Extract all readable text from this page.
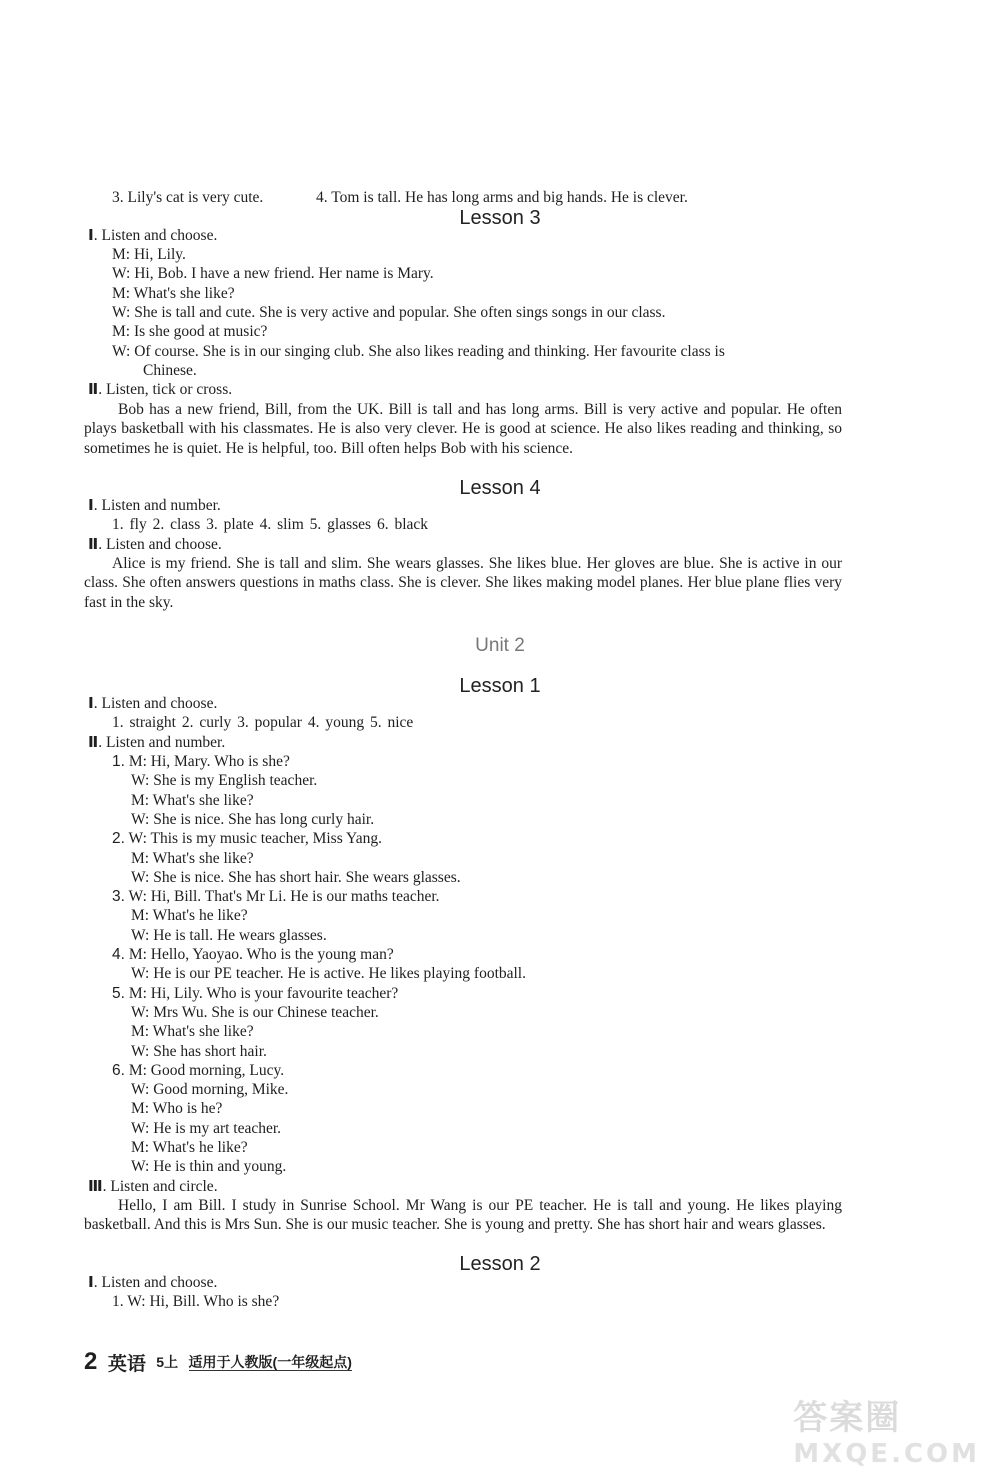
3. Lily's cat is very cute.	4. Tom is tall. He has long arms and big hands. He is clever.
Lesson 3
Ⅰ. Listen and choose.
M: Hi, Lily.
W: Hi, Bob. I have a new friend. Her name is Mary.
M: What's she like?
W: She is tall and cute. She is very active and popular. She often sings songs in our class.
M: Is she good at music?
W: Of course. She is in our singing club. She also likes reading and thinking. Her favourite class is
Chinese.
Ⅱ. Listen, tick or cross.
Bob has a new friend, Bill, from the UK. Bill is tall and has long arms. Bill is very active and popular. He often plays basketball with his classmates. He is also very clever. He is good at science. He also likes reading and thinking, so sometimes he is quiet. He is helpful, too. Bill often helps Bob with his science.
Lesson 4
Ⅰ. Listen and number.
1. fly 2. class 3. plate 4. slim 5. glasses 6. black
Ⅱ. Listen and choose.
Alice is my friend. She is tall and slim. She wears glasses. She likes blue. Her gloves are blue. She is active in our class. She often answers questions in maths class. She is clever. She likes making model planes. Her blue plane flies very fast in the sky.
Unit 2
Lesson 1
Ⅰ. Listen and choose.
1. straight 2. curly 3. popular 4. young 5. nice
Ⅱ. Listen and number.
1. M: Hi, Mary. Who is she?
W: She is my English teacher.
M: What's she like?
W: She is nice. She has long curly hair.
2. W: This is my music teacher, Miss Yang.
M: What's she like?
W: She is nice. She has short hair. She wears glasses.
3. W: Hi, Bill. That's Mr Li. He is our maths teacher.
M: What's he like?
W: He is tall. He wears glasses.
4. M: Hello, Yaoyao. Who is the young man?
W: He is our PE teacher. He is active. He likes playing football.
5. M: Hi, Lily. Who is your favourite teacher?
W: Mrs Wu. She is our Chinese teacher.
M: What's she like?
W: She has short hair.
6. M: Good morning, Lucy.
W: Good morning, Mike.
M: Who is he?
W: He is my art teacher.
M: What's he like?
W: He is thin and young.
Ⅲ. Listen and circle.
Hello, I am Bill. I study in Sunrise School. Mr Wang is our PE teacher. He is tall and young. He likes playing basketball. And this is Mrs Sun. She is our music teacher. She is young and pretty. She has short hair and wears glasses.
Lesson 2
Ⅰ. Listen and choose.
1. W: Hi, Bill. Who is she?
2 英语 5上 适用于人教版(一年级起点)
答案圈
MXQE.COM
